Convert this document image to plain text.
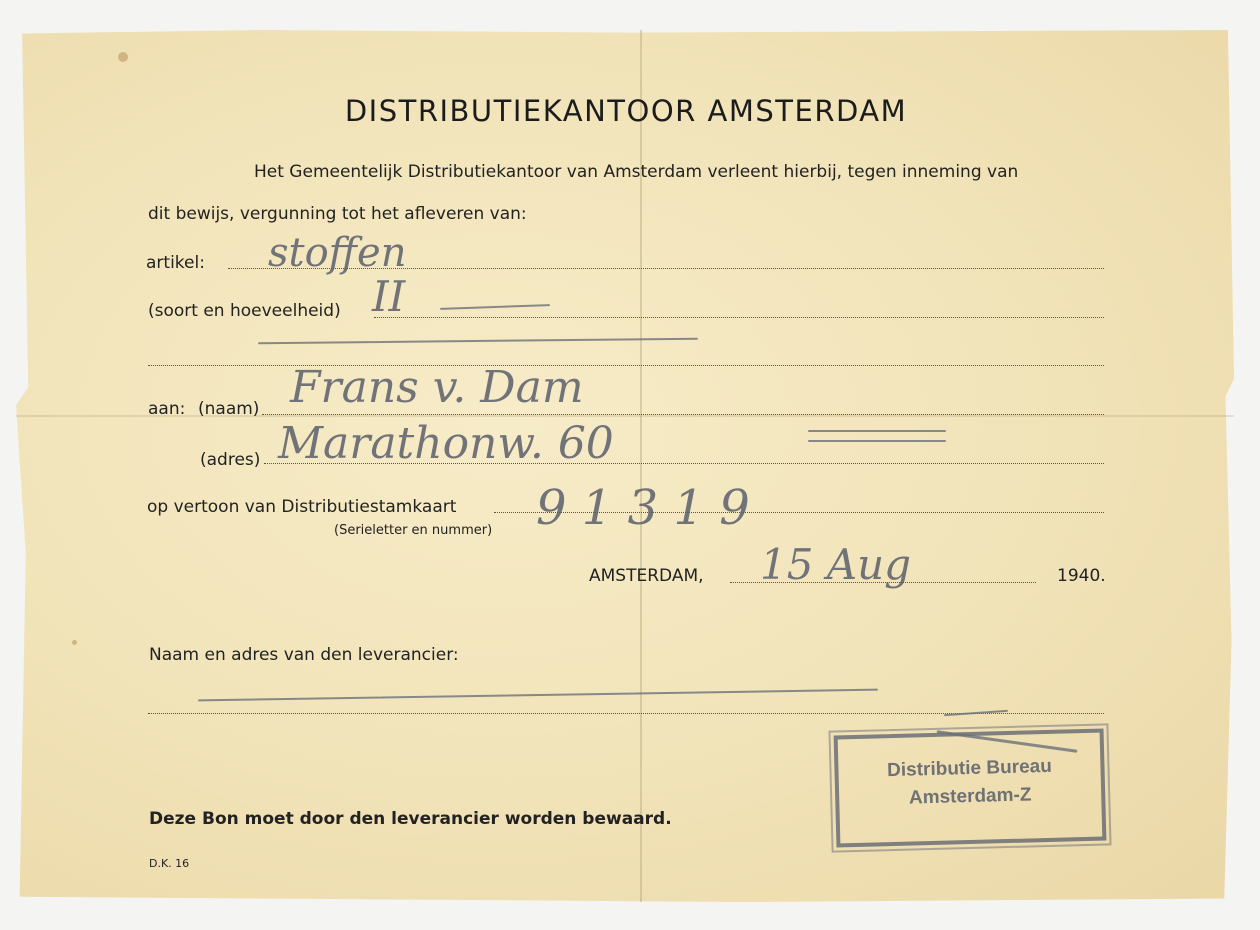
DISTRIBUTIEKANTOOR AMSTERDAM
Het Gemeentelijk Distributiekantoor van Amsterdam verleent hierbij, tegen inneming van
dit bewijs, vergunning tot het afleveren van:
artikel: stoffen
(soort en hoeveelheid) II
aan: (naam) Frans v. Dam
(adres) Marathonw. 60
op vertoon van Distributiestamkaart
(Serieletter en nummer) 9 1 3 1 9
AMSTERDAM, 15 Aug	1940.
Naam en adres van den leverancier:
Distributie Bureau
Amsterdam-Z
Deze Bon moet door den leverancier worden bewaard.
D.K. 16
